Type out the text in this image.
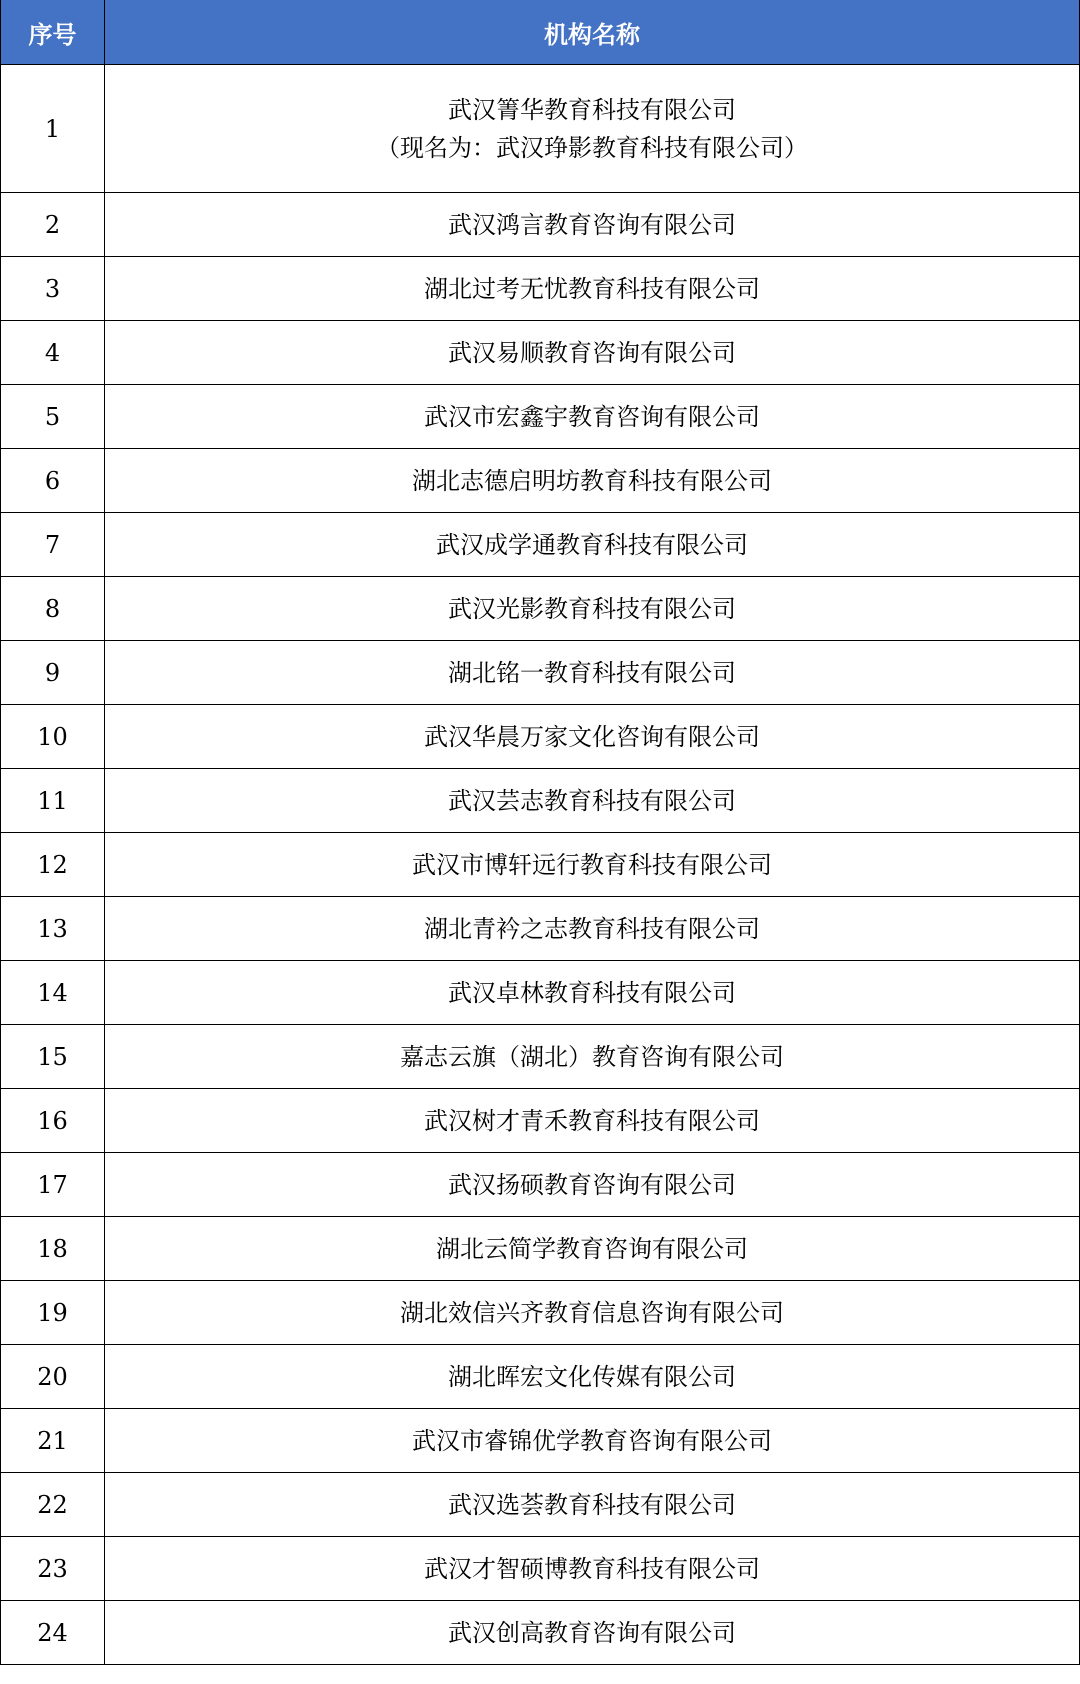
序号	机构名称
1	武汉箐华教育科技有限公司
（现名为：武汉琤影教育科技有限公司）

2	武汉鸿言教育咨询有限公司

3	湖北过考无忧教育科技有限公司

4	武汉易顺教育咨询有限公司

5	武汉市宏鑫宇教育咨询有限公司

6	湖北志德启明坊教育科技有限公司

7	武汉成学通教育科技有限公司

8	武汉光影教育科技有限公司

9	湖北铭一教育科技有限公司

10	武汉华晨万家文化咨询有限公司

11	武汉芸志教育科技有限公司

12	武汉市博轩远行教育科技有限公司

13	湖北青衿之志教育科技有限公司

14	武汉卓林教育科技有限公司

15	嘉志云旗（湖北）教育咨询有限公司

16	武汉树才青禾教育科技有限公司

17	武汉扬硕教育咨询有限公司

18	湖北云简学教育咨询有限公司

19	湖北效信兴齐教育信息咨询有限公司

20	湖北晖宏文化传媒有限公司

21	武汉市睿锦优学教育咨询有限公司

22	武汉选荟教育科技有限公司

23	武汉才智硕博教育科技有限公司

24	武汉创高教育咨询有限公司
